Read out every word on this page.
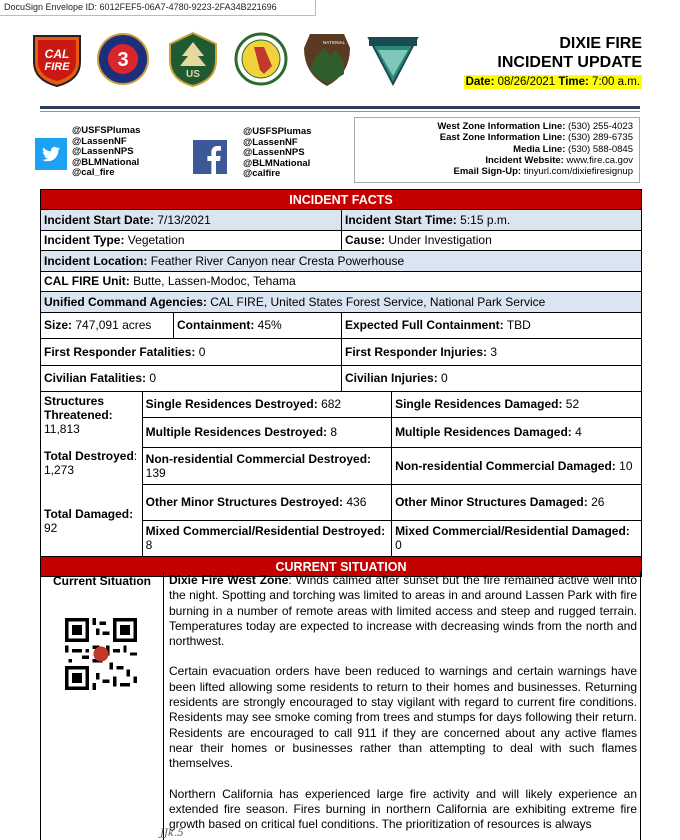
DocuSign Envelope ID: 6012FEF5-06A7-4780-9223-2FA34B221696
CAL
FIRE 3
US
NATIONAL	DIXIE FIRE
INCIDENT UPDATE
Date: 08/26/2021 Time: 7:00 a.m.
@USFSPlumas
@LassenNF
@LassenNPS
@BLMNational
@cal_fire
@USFSPlumas
@LassenNF
@LassenNPS
@BLMNational
@calfire
West Zone Information Line: (530) 255-4023
East Zone Information Line: (530) 289-6735
Media Line: (530) 588-0845
Incident Website: www.fire.ca.gov
Email Sign-Up: tinyurl.com/dixiefiresignup
INCIDENT FACTS
Incident Start Date: 7/13/2021	Incident Start Time: 5:15 p.m.
Incident Type: Vegetation	Cause: Under Investigation
Incident Location: Feather River Canyon near Cresta Powerhouse
CAL FIRE Unit: Butte, Lassen-Modoc, Tehama
Unified Command Agencies: CAL FIRE, United States Forest Service, National Park Service
Size: 747,091 acres	Containment: 45%	Expected Full Containment: TBD
First Responder Fatalities: 0	First Responder Injuries: 3
Civilian Fatalities: 0	Civilian Injuries: 0

Structures Threatened:
11,813
Total Destroyed:
1,273
Total Damaged: 92
	Single Residences Destroyed: 682	Single Residences Damaged: 52
Multiple Residences Destroyed: 8	Multiple Residences Damaged: 4
Non-residential Commercial Destroyed: 139	Non-residential Commercial Damaged: 10
Other Minor Structures Destroyed: 436	Other Minor Structures Damaged: 26
Mixed Commercial/Residential Destroyed: 8	Mixed Commercial/Residential Damaged: 0

CURRENT SITUATION
Current Situation	Dixie Fire West Zone: Winds calmed after sunset but the fire remained active well into the night. Spotting and torching was limited to areas in and around Lassen Park with fire burning in a number of remote areas with limited access and steep and rugged terrain. Temperatures today are expected to increase with decreasing winds from the north and northwest.

Certain evacuation orders have been reduced to warnings and certain warnings have been lifted allowing some residents to return to their homes and businesses. Returning residents are strongly encouraged to stay vigilant with regard to current fire conditions. Residents may see smoke coming from trees and stumps for days following their return. Residents are encouraged to call 911 if they are concerned about any active flames near their homes or businesses rather than attempting to deal with such flames themselves.

Northern California has experienced large fire activity and will likely experience an extended fire season. Fires burning in northern California are exhibiting extreme fire growth based on critical fuel conditions. The prioritization of resources is always

JJk.5
